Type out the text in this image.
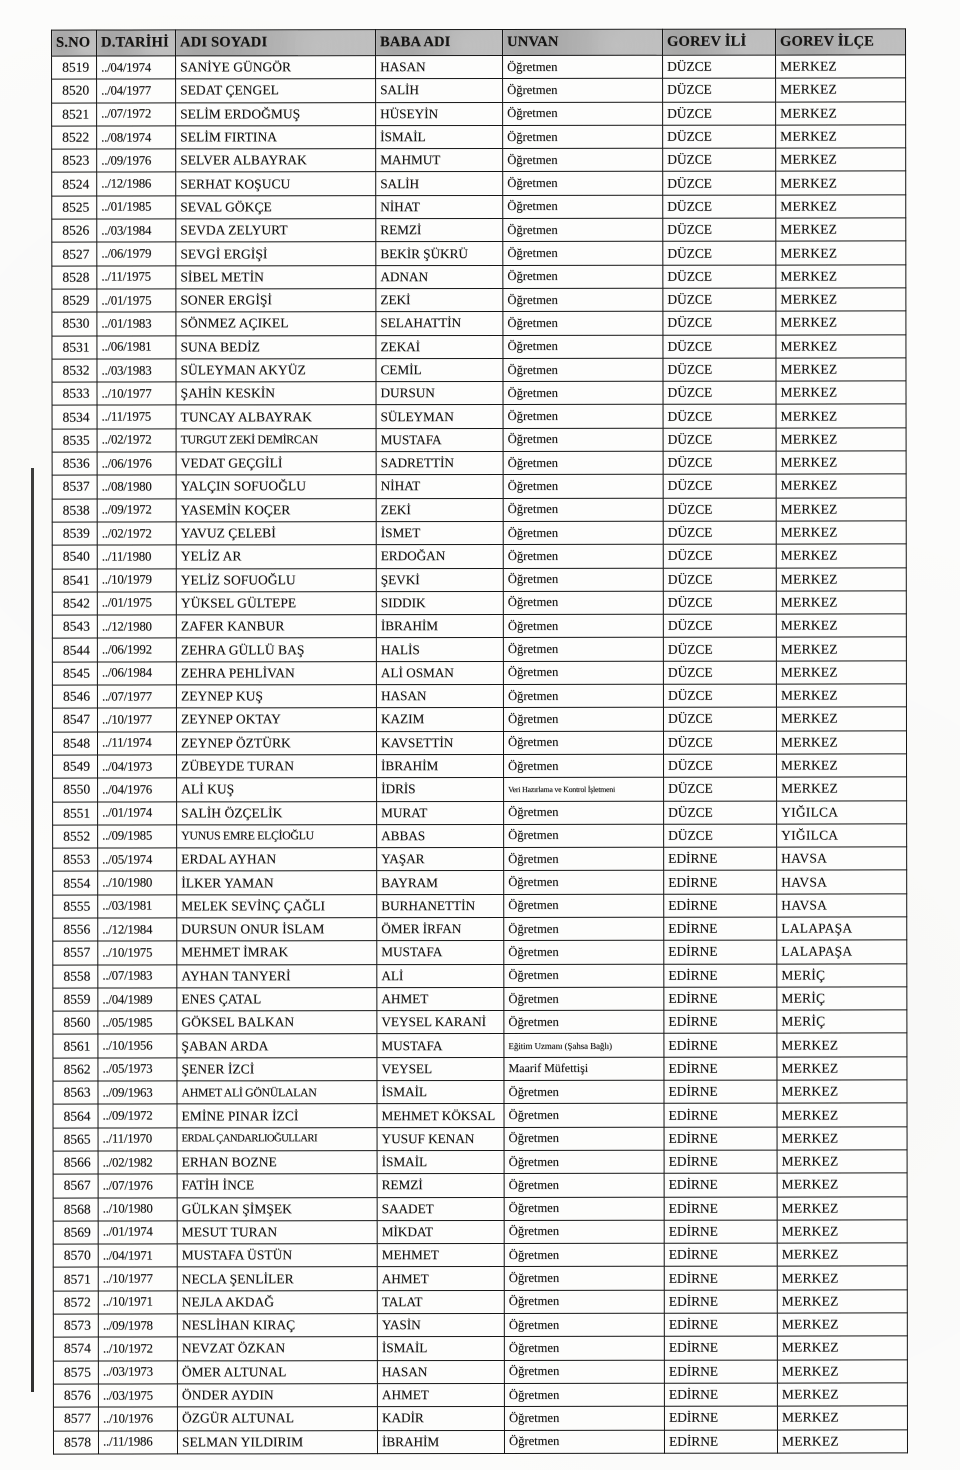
S.NO	D.TARİHİ	ADI SOYADI	BABA ADI	UNVAN	GOREV İLİ	GOREV İLÇE
8519	../04/1974	SANİYE GÜNGÖR	HASAN	Öğretmen	DÜZCE	MERKEZ
8520	../04/1977	SEDAT ÇENGEL	SALİH	Öğretmen	DÜZCE	MERKEZ
8521	../07/1972	SELİM ERDOĞMUŞ	HÜSEYİN	Öğretmen	DÜZCE	MERKEZ
8522	../08/1974	SELİM FIRTINA	İSMAİL	Öğretmen	DÜZCE	MERKEZ
8523	../09/1976	SELVER ALBAYRAK	MAHMUT	Öğretmen	DÜZCE	MERKEZ
8524	../12/1986	SERHAT KOŞUCU	SALİH	Öğretmen	DÜZCE	MERKEZ
8525	../01/1985	SEVAL GÖKÇE	NİHAT	Öğretmen	DÜZCE	MERKEZ
8526	../03/1984	SEVDA ZELYURT	REMZİ	Öğretmen	DÜZCE	MERKEZ
8527	../06/1979	SEVGİ ERGİŞİ	BEKİR ŞÜKRÜ	Öğretmen	DÜZCE	MERKEZ
8528	../11/1975	SİBEL METİN	ADNAN	Öğretmen	DÜZCE	MERKEZ
8529	../01/1975	SONER ERGİŞİ	ZEKİ	Öğretmen	DÜZCE	MERKEZ
8530	../01/1983	SÖNMEZ AÇIKEL	SELAHATTİN	Öğretmen	DÜZCE	MERKEZ
8531	../06/1981	SUNA BEDİZ	ZEKAİ	Öğretmen	DÜZCE	MERKEZ
8532	../03/1983	SÜLEYMAN AKYÜZ	CEMİL	Öğretmen	DÜZCE	MERKEZ
8533	../10/1977	ŞAHİN KESKİN	DURSUN	Öğretmen	DÜZCE	MERKEZ
8534	../11/1975	TUNCAY ALBAYRAK	SÜLEYMAN	Öğretmen	DÜZCE	MERKEZ
8535	../02/1972	TURGUT ZEKİ DEMİRCAN	MUSTAFA	Öğretmen	DÜZCE	MERKEZ
8536	../06/1976	VEDAT GEÇGİLİ	SADRETTİN	Öğretmen	DÜZCE	MERKEZ
8537	../08/1980	YALÇIN SOFUOĞLU	NİHAT	Öğretmen	DÜZCE	MERKEZ
8538	../09/1972	YASEMİN KOÇER	ZEKİ	Öğretmen	DÜZCE	MERKEZ
8539	../02/1972	YAVUZ ÇELEBİ	İSMET	Öğretmen	DÜZCE	MERKEZ
8540	../11/1980	YELİZ AR	ERDOĞAN	Öğretmen	DÜZCE	MERKEZ
8541	../10/1979	YELİZ SOFUOĞLU	ŞEVKİ	Öğretmen	DÜZCE	MERKEZ
8542	../01/1975	YÜKSEL GÜLTEPE	SIDDIK	Öğretmen	DÜZCE	MERKEZ
8543	../12/1980	ZAFER KANBUR	İBRAHİM	Öğretmen	DÜZCE	MERKEZ
8544	../06/1992	ZEHRA GÜLLÜ BAŞ	HALİS	Öğretmen	DÜZCE	MERKEZ
8545	../06/1984	ZEHRA PEHLİVAN	ALİ OSMAN	Öğretmen	DÜZCE	MERKEZ
8546	../07/1977	ZEYNEP KUŞ	HASAN	Öğretmen	DÜZCE	MERKEZ
8547	../10/1977	ZEYNEP OKTAY	KAZIM	Öğretmen	DÜZCE	MERKEZ
8548	../11/1974	ZEYNEP ÖZTÜRK	KAVSETTİN	Öğretmen	DÜZCE	MERKEZ
8549	../04/1973	ZÜBEYDE TURAN	İBRAHİM	Öğretmen	DÜZCE	MERKEZ
8550	../04/1976	ALİ KUŞ	İDRİS	Veri Hazırlama ve Kontrol İşletmeni	DÜZCE	MERKEZ
8551	../01/1974	SALİH ÖZÇELİK	MURAT	Öğretmen	DÜZCE	YIĞILCA
8552	../09/1985	YUNUS EMRE ELÇİOĞLU	ABBAS	Öğretmen	DÜZCE	YIĞILCA
8553	../05/1974	ERDAL AYHAN	YAŞAR	Öğretmen	EDİRNE	HAVSA
8554	../10/1980	İLKER YAMAN	BAYRAM	Öğretmen	EDİRNE	HAVSA
8555	../03/1981	MELEK SEVİNÇ ÇAĞLI	BURHANETTİN	Öğretmen	EDİRNE	HAVSA
8556	../12/1984	DURSUN ONUR İSLAM	ÖMER İRFAN	Öğretmen	EDİRNE	LALAPAŞA
8557	../10/1975	MEHMET İMRAK	MUSTAFA	Öğretmen	EDİRNE	LALAPAŞA
8558	../07/1983	AYHAN TANYERİ	ALİ	Öğretmen	EDİRNE	MERİÇ
8559	../04/1989	ENES ÇATAL	AHMET	Öğretmen	EDİRNE	MERİÇ
8560	../05/1985	GÖKSEL BALKAN	VEYSEL KARANİ	Öğretmen	EDİRNE	MERİÇ
8561	../10/1956	ŞABAN ARDA	MUSTAFA	Eğitim Uzmanı (Şahsa Bağlı)	EDİRNE	MERKEZ
8562	../05/1973	ŞENER İZCİ	VEYSEL	Maarif Müfettişi	EDİRNE	MERKEZ
8563	../09/1963	AHMET ALİ GÖNÜLALAN	İSMAİL	Öğretmen	EDİRNE	MERKEZ
8564	../09/1972	EMİNE PINAR İZCİ	MEHMET KÖKSAL	Öğretmen	EDİRNE	MERKEZ
8565	../11/1970	ERDAL ÇANDARLIOĞULLARI	YUSUF KENAN	Öğretmen	EDİRNE	MERKEZ
8566	../02/1982	ERHAN BOZNE	İSMAİL	Öğretmen	EDİRNE	MERKEZ
8567	../07/1976	FATİH İNCE	REMZİ	Öğretmen	EDİRNE	MERKEZ
8568	../10/1980	GÜLKAN ŞİMŞEK	SAADET	Öğretmen	EDİRNE	MERKEZ
8569	../01/1974	MESUT TURAN	MİKDAT	Öğretmen	EDİRNE	MERKEZ
8570	../04/1971	MUSTAFA ÜSTÜN	MEHMET	Öğretmen	EDİRNE	MERKEZ
8571	../10/1977	NECLA ŞENLİLER	AHMET	Öğretmen	EDİRNE	MERKEZ
8572	../10/1971	NEJLA AKDAĞ	TALAT	Öğretmen	EDİRNE	MERKEZ
8573	../09/1978	NESLİHAN KIRAÇ	YASİN	Öğretmen	EDİRNE	MERKEZ
8574	../10/1972	NEVZAT ÖZKAN	İSMAİL	Öğretmen	EDİRNE	MERKEZ
8575	../03/1973	ÖMER ALTUNAL	HASAN	Öğretmen	EDİRNE	MERKEZ
8576	../03/1975	ÖNDER AYDIN	AHMET	Öğretmen	EDİRNE	MERKEZ
8577	../10/1976	ÖZGÜR ALTUNAL	KADİR	Öğretmen	EDİRNE	MERKEZ
8578	../11/1986	SELMAN YILDIRIM	İBRAHİM	Öğretmen	EDİRNE	MERKEZ
